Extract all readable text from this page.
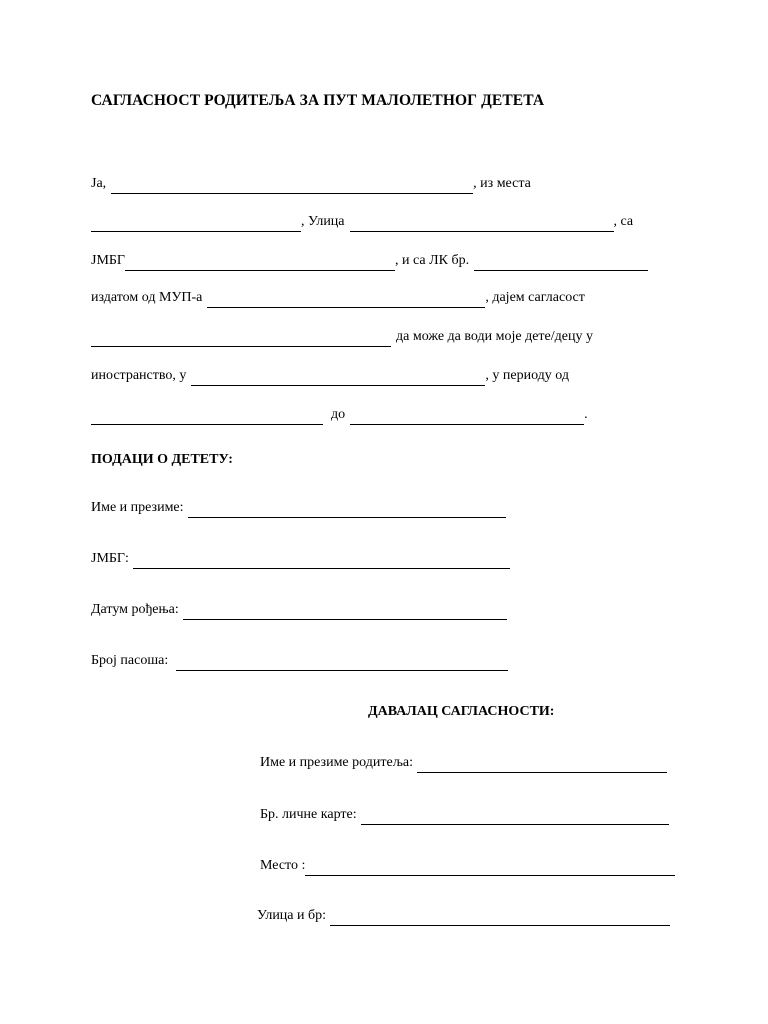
САГЛАСНОСТ РОДИТЕЉА ЗА ПУТ МАЛОЛЕТНОГ ДЕТЕТА
Ја,	, из места
, Улица	, са
ЈМБГ	, и са ЛК бр.
издатом од МУП-а	, дајем сагласост
да може да води моје дете/децу у
иностранство, у	, у периоду од
до	.
ПОДАЦИ О ДЕТЕТУ:
Име и презиме:
ЈМБГ:
Датум рођења:
Број пасоша:
ДАВАЛАЦ САГЛАСНОСТИ:
Име и презиме родитеља:
Бр. личне карте:
Место :
Улица и бр:
